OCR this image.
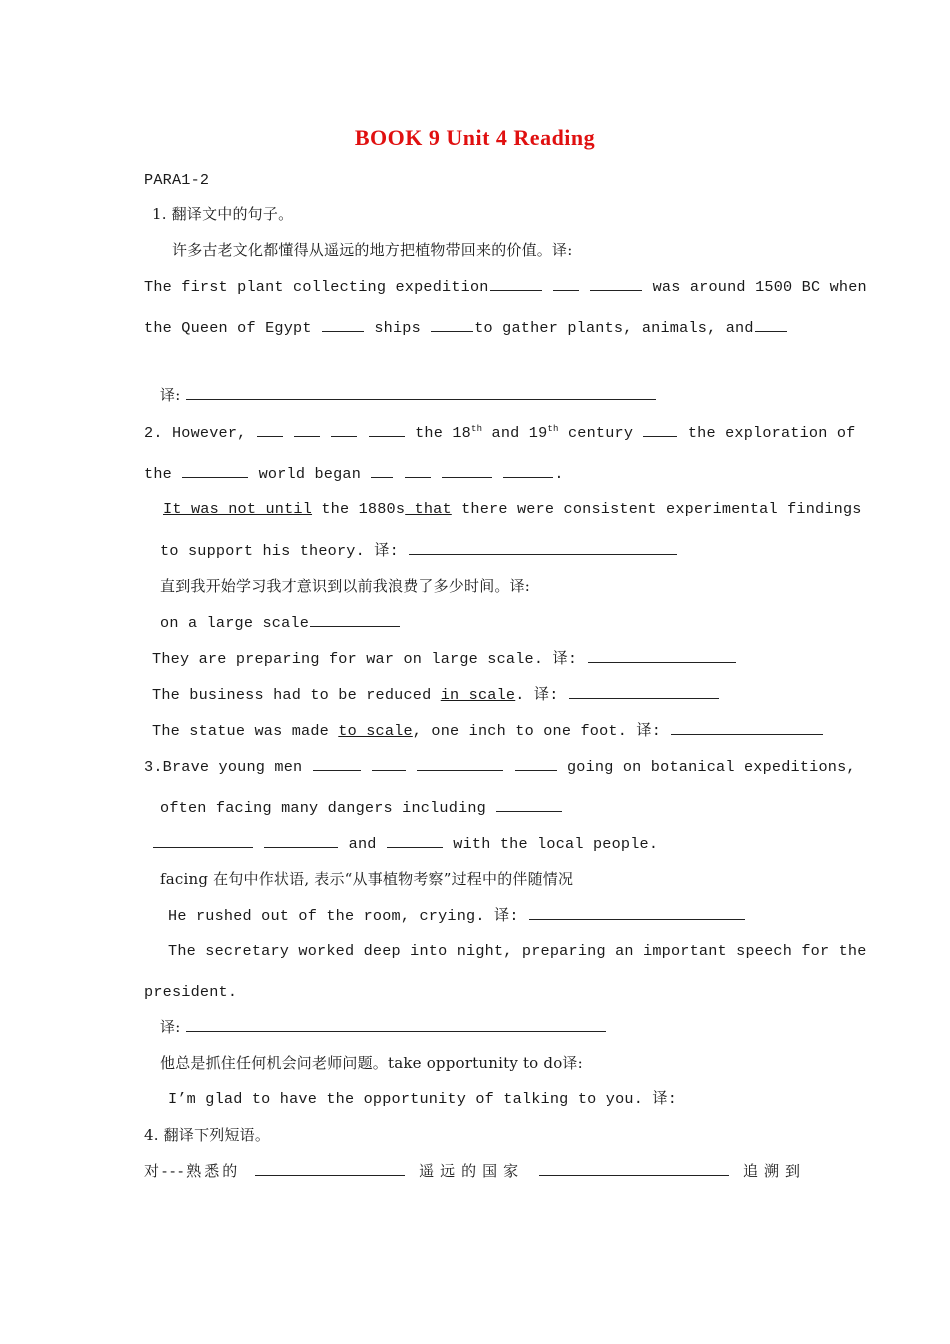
BOOK 9 Unit 4 Reading
PARA1-2
1. 翻译文中的句子。
许多古老文化都懂得从遥远的地方把植物带回来的价值。译:
The first plant collecting expedition	was around 1500 BC when
the Queen of Egypt	ships	to gather plants, animals, and
译:
2. However,	the 18th and 19th century	the exploration of
the	world began	.
It was not until the 1880s that there were consistent experimental findings
to support his theory. 译:
直到我开始学习我才意识到以前我浪费了多少时间。译:
on a large scale
They are preparing for war on large scale. 译:
The business had to be reduced in scale. 译:
The statue was made to scale, one inch to one foot. 译:
3.Brave young men	going on botanical expeditions,
often facing many dangers including
and	with the local people.
facing 在句中作状语, 表示“从事植物考察”过程中的伴随情况
He rushed out of the room, crying. 译:
The secretary worked deep into night, preparing an important speech for the
president.
译:
他总是抓住任何机会问老师问题。take opportunity to do译:
I’m glad to have the opportunity of talking to you. 译:
4. 翻译下列短语。
对---熟悉的	遥远的国家	追溯到
